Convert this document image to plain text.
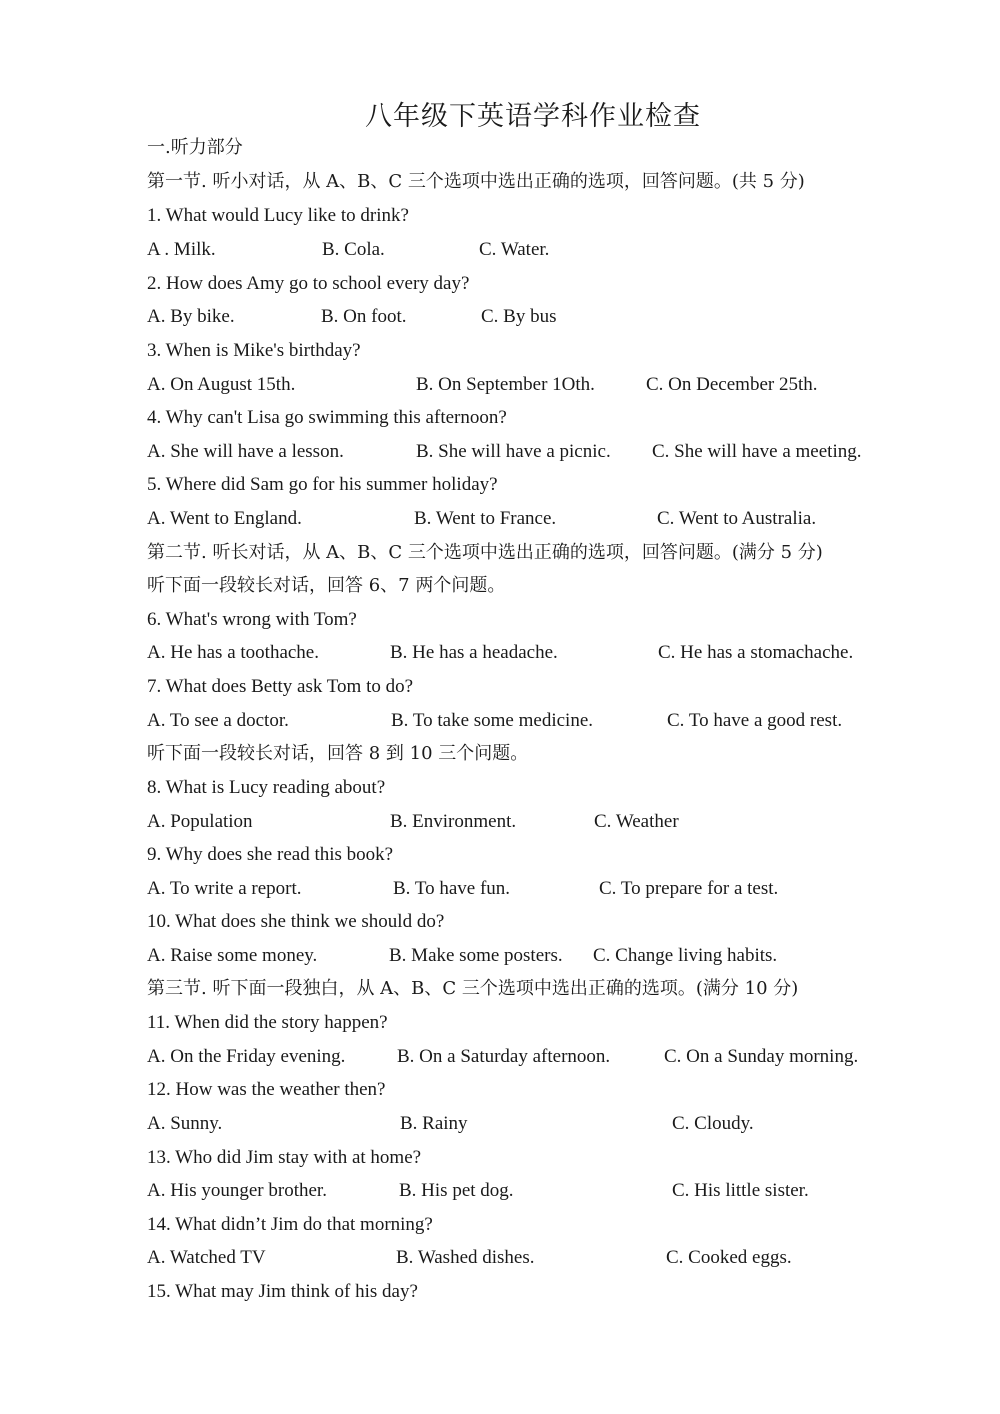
八年级下英语学科作业检查
一.听力部分
第一节. 听小对话，从 A、B、C 三个选项中选出正确的选项，回答问题。(共 5 分)
1. What would Lucy like to drink?
A . Milk.	B. Cola.	C. Water.
2. How does Amy go to school every day?
A. By bike.	B. On foot.	C. By bus
3. When is Mike's birthday?
A. On August 15th.	B. On September 1Oth.	C. On December 25th.
4. Why can't Lisa go swimming this afternoon?
A. She will have a lesson.	B. She will have a picnic. C. She will have a meeting.
5. Where did Sam go for his summer holiday?
A. Went to England.	B. Went to France.	C. Went to Australia.
第二节. 听长对话，从 A、B、C 三个选项中选出正确的选项，回答问题。(满分 5 分)
听下面一段较长对话，回答 6、7 两个问题。
6. What's wrong with Tom?
A. He has a toothache.	B. He has a headache.	C. He has a stomachache.
7. What does Betty ask Tom to do?
A. To see a doctor.	B. To take some medicine.	C. To have a good rest.
听下面一段较长对话，回答 8 到 10 三个问题。
8. What is Lucy reading about?
A. Population	B. Environment.	C. Weather
9. Why does she read this book?
A. To write a report.	B. To have fun.	C. To prepare for a test.
10. What does she think we should do?
A. Raise some money.	B. Make some posters. C. Change living habits.
第三节. 听下面一段独白，从 A、B、C 三个选项中选出正确的选项。(满分 10 分)
11. When did the story happen?
A. On the Friday evening.	B. On a Saturday afternoon.	C. On a Sunday morning.
12. How was the weather then?
A. Sunny.	B. Rainy	C. Cloudy.
13. Who did Jim stay with at home?
A. His younger brother.	B. His pet dog.	C. His little sister.
14. What didn’t Jim do that morning?
A. Watched TV	B. Washed dishes.	C. Cooked eggs.
15. What may Jim think of his day?
